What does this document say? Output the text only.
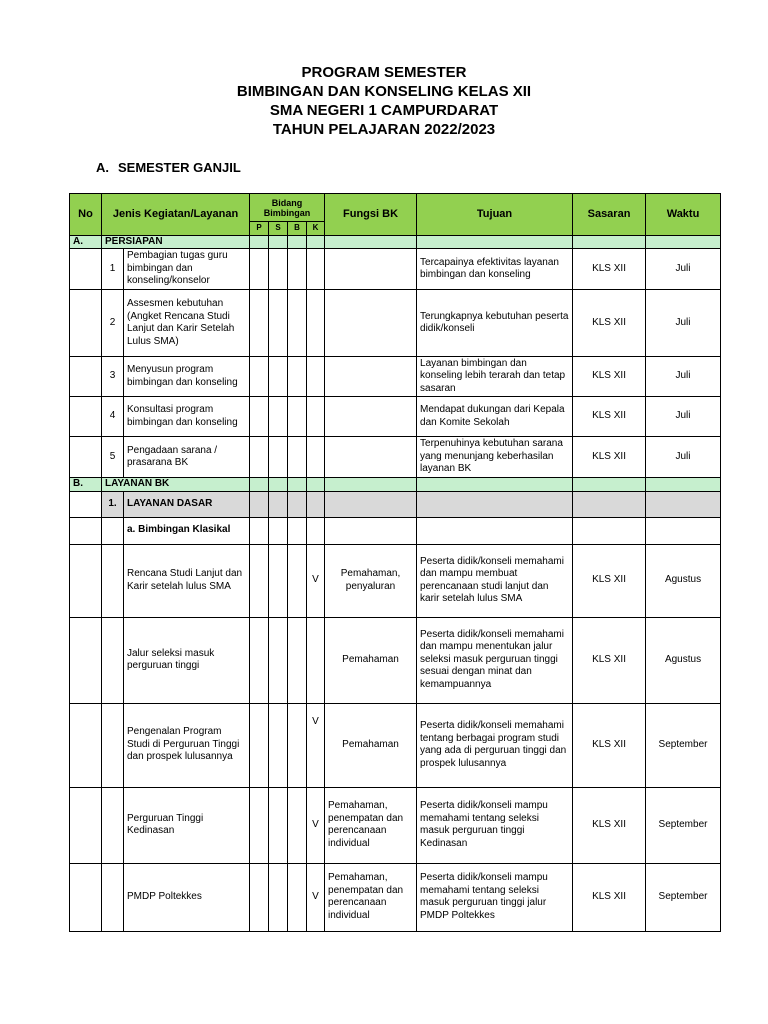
PROGRAM SEMESTER
BIMBINGAN DAN KONSELING KELAS XII
SMA NEGERI 1 CAMPURDARAT
TAHUN PELAJARAN 2022/2023
A. SEMESTER GANJIL
No	Jenis Kegiatan/Layanan		Bidang Bimbingan				Fungsi BK	Tujuan	Sasaran	Waktu
			P	S	B	K				
A.	PERSIAPAN									
	1	Pembagian tugas guru bimbingan dan konseling/konselor						Tercapainya efektivitas layanan bimbingan dan konseling	KLS XII	Juli
	2	Assesmen kebutuhan (Angket Rencana Studi Lanjut dan Karir Setelah Lulus SMA)						Terungkapnya kebutuhan peserta didik/konseli	KLS XII	Juli
	3	Menyusun program bimbingan dan konseling						Layanan bimbingan dan konseling lebih terarah dan tetap sasaran	KLS XII	Juli
	4	Konsultasi program bimbingan dan konseling						Mendapat dukungan dari Kepala dan Komite Sekolah	KLS XII	Juli
	5	Pengadaan sarana / prasarana BK						Terpenuhinya kebutuhan sarana yang menunjang keberhasilan layanan BK	KLS XII	Juli
B.	LAYANAN BK									
	1.	LAYANAN DASAR								
		a. Bimbingan Klasikal								
		Rencana Studi Lanjut dan Karir setelah lulus SMA				V	Pemahaman, penyaluran	Peserta didik/konseli memahami dan mampu membuat perencanaan studi lanjut dan karir setelah lulus SMA	KLS XII	Agustus
		Jalur seleksi masuk perguruan tinggi					Pemahaman	Peserta didik/konseli memahami dan mampu menentukan jalur seleksi masuk perguruan tinggi sesuai dengan minat dan kemampuannya	KLS XII	Agustus
		Pengenalan Program Studi di Perguruan Tinggi dan prospek lulusannya				V	Pemahaman	Peserta didik/konseli memahami tentang berbagai program studi yang ada di perguruan tinggi dan prospek lulusannya	KLS XII	September
		Perguruan Tinggi Kedinasan				V	Pemahaman, penempatan dan perencanaan individual	Peserta didik/konseli mampu memahami tentang seleksi masuk perguruan tinggi Kedinasan	KLS XII	September
		PMDP Poltekkes				V	Pemahaman, penempatan dan perencanaan individual	Peserta didik/konseli mampu memahami tentang seleksi masuk perguruan tinggi jalur PMDP Poltekkes	KLS XII	September
